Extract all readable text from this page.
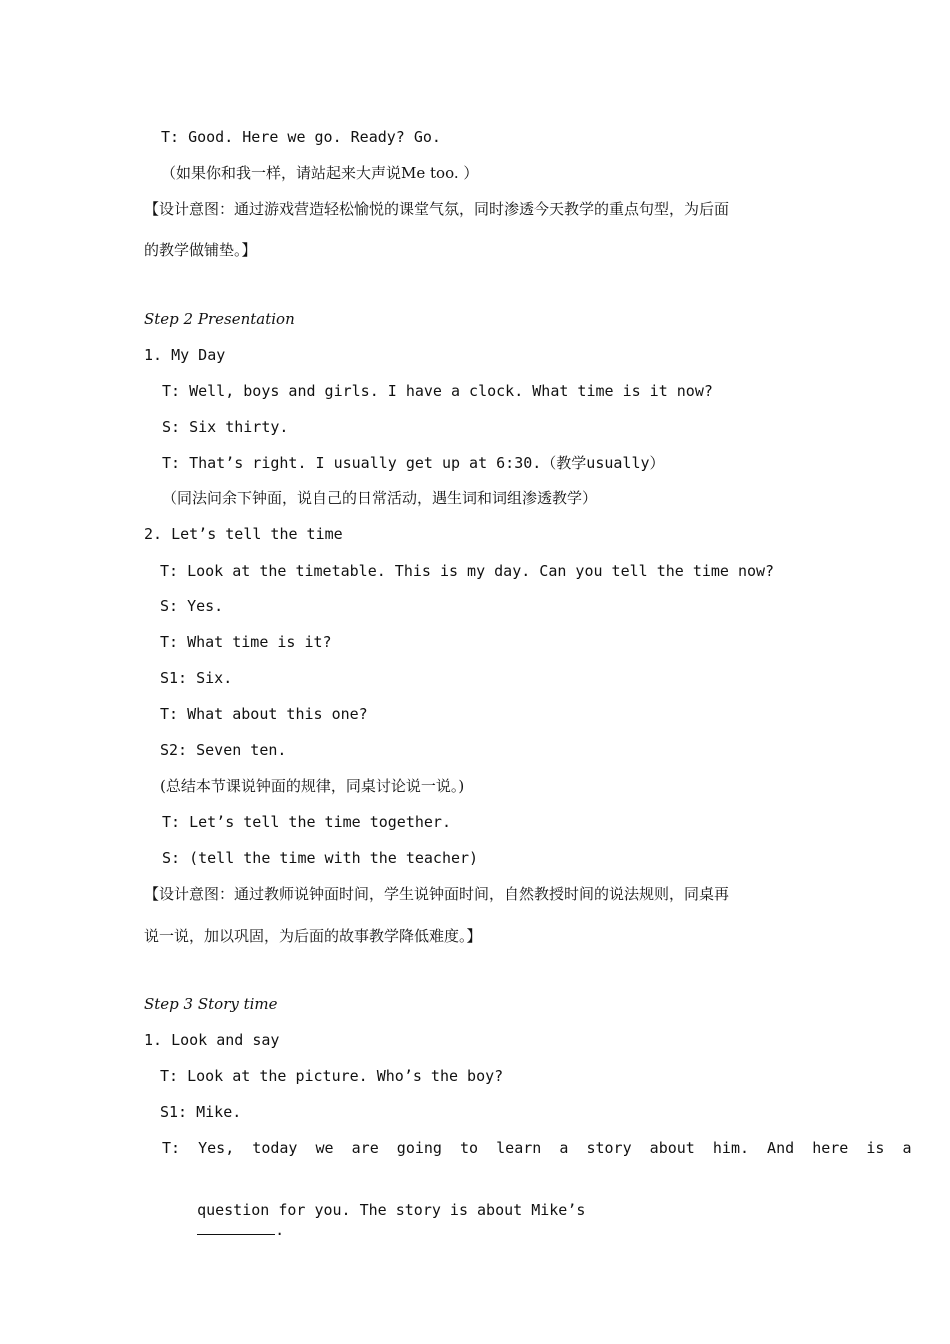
T: Good. Here we go. Ready? Go.
（如果你和我一样，请站起来大声说Me too. ）
【设计意图：通过游戏营造轻松愉悦的课堂气氛，同时渗透今天教学的重点句型，为后面
的教学做铺垫。】
Step 2 Presentation
1. My Day
T: Well, boys and girls. I have a clock. What time is it now?
S: Six thirty.
T: That’s right. I usually get up at 6:30.（教学usually）
（同法问余下钟面，说自己的日常活动，遇生词和词组渗透教学）
2. Let’s tell the time
T: Look at the timetable. This is my day. Can you tell the time now?
S: Yes.
T: What time is it?
S1: Six.
T: What about this one?
S2: Seven ten.
(总结本节课说钟面的规律，同桌讨论说一说。)
T: Let’s tell the time together.
S: (tell the time with the teacher)
【设计意图：通过教师说钟面时间，学生说钟面时间，自然教授时间的说法规则，同桌再
说一说，加以巩固，为后面的故事教学降低难度。】
Step 3 Story time
1. Look and say
T: Look at the picture. Who’s the boy?
S1: Mike.
T:  Yes,  today  we  are  going  to  learn  a  story  about  him.  And  here  is  a

question for you. The story is about Mike’s
.
